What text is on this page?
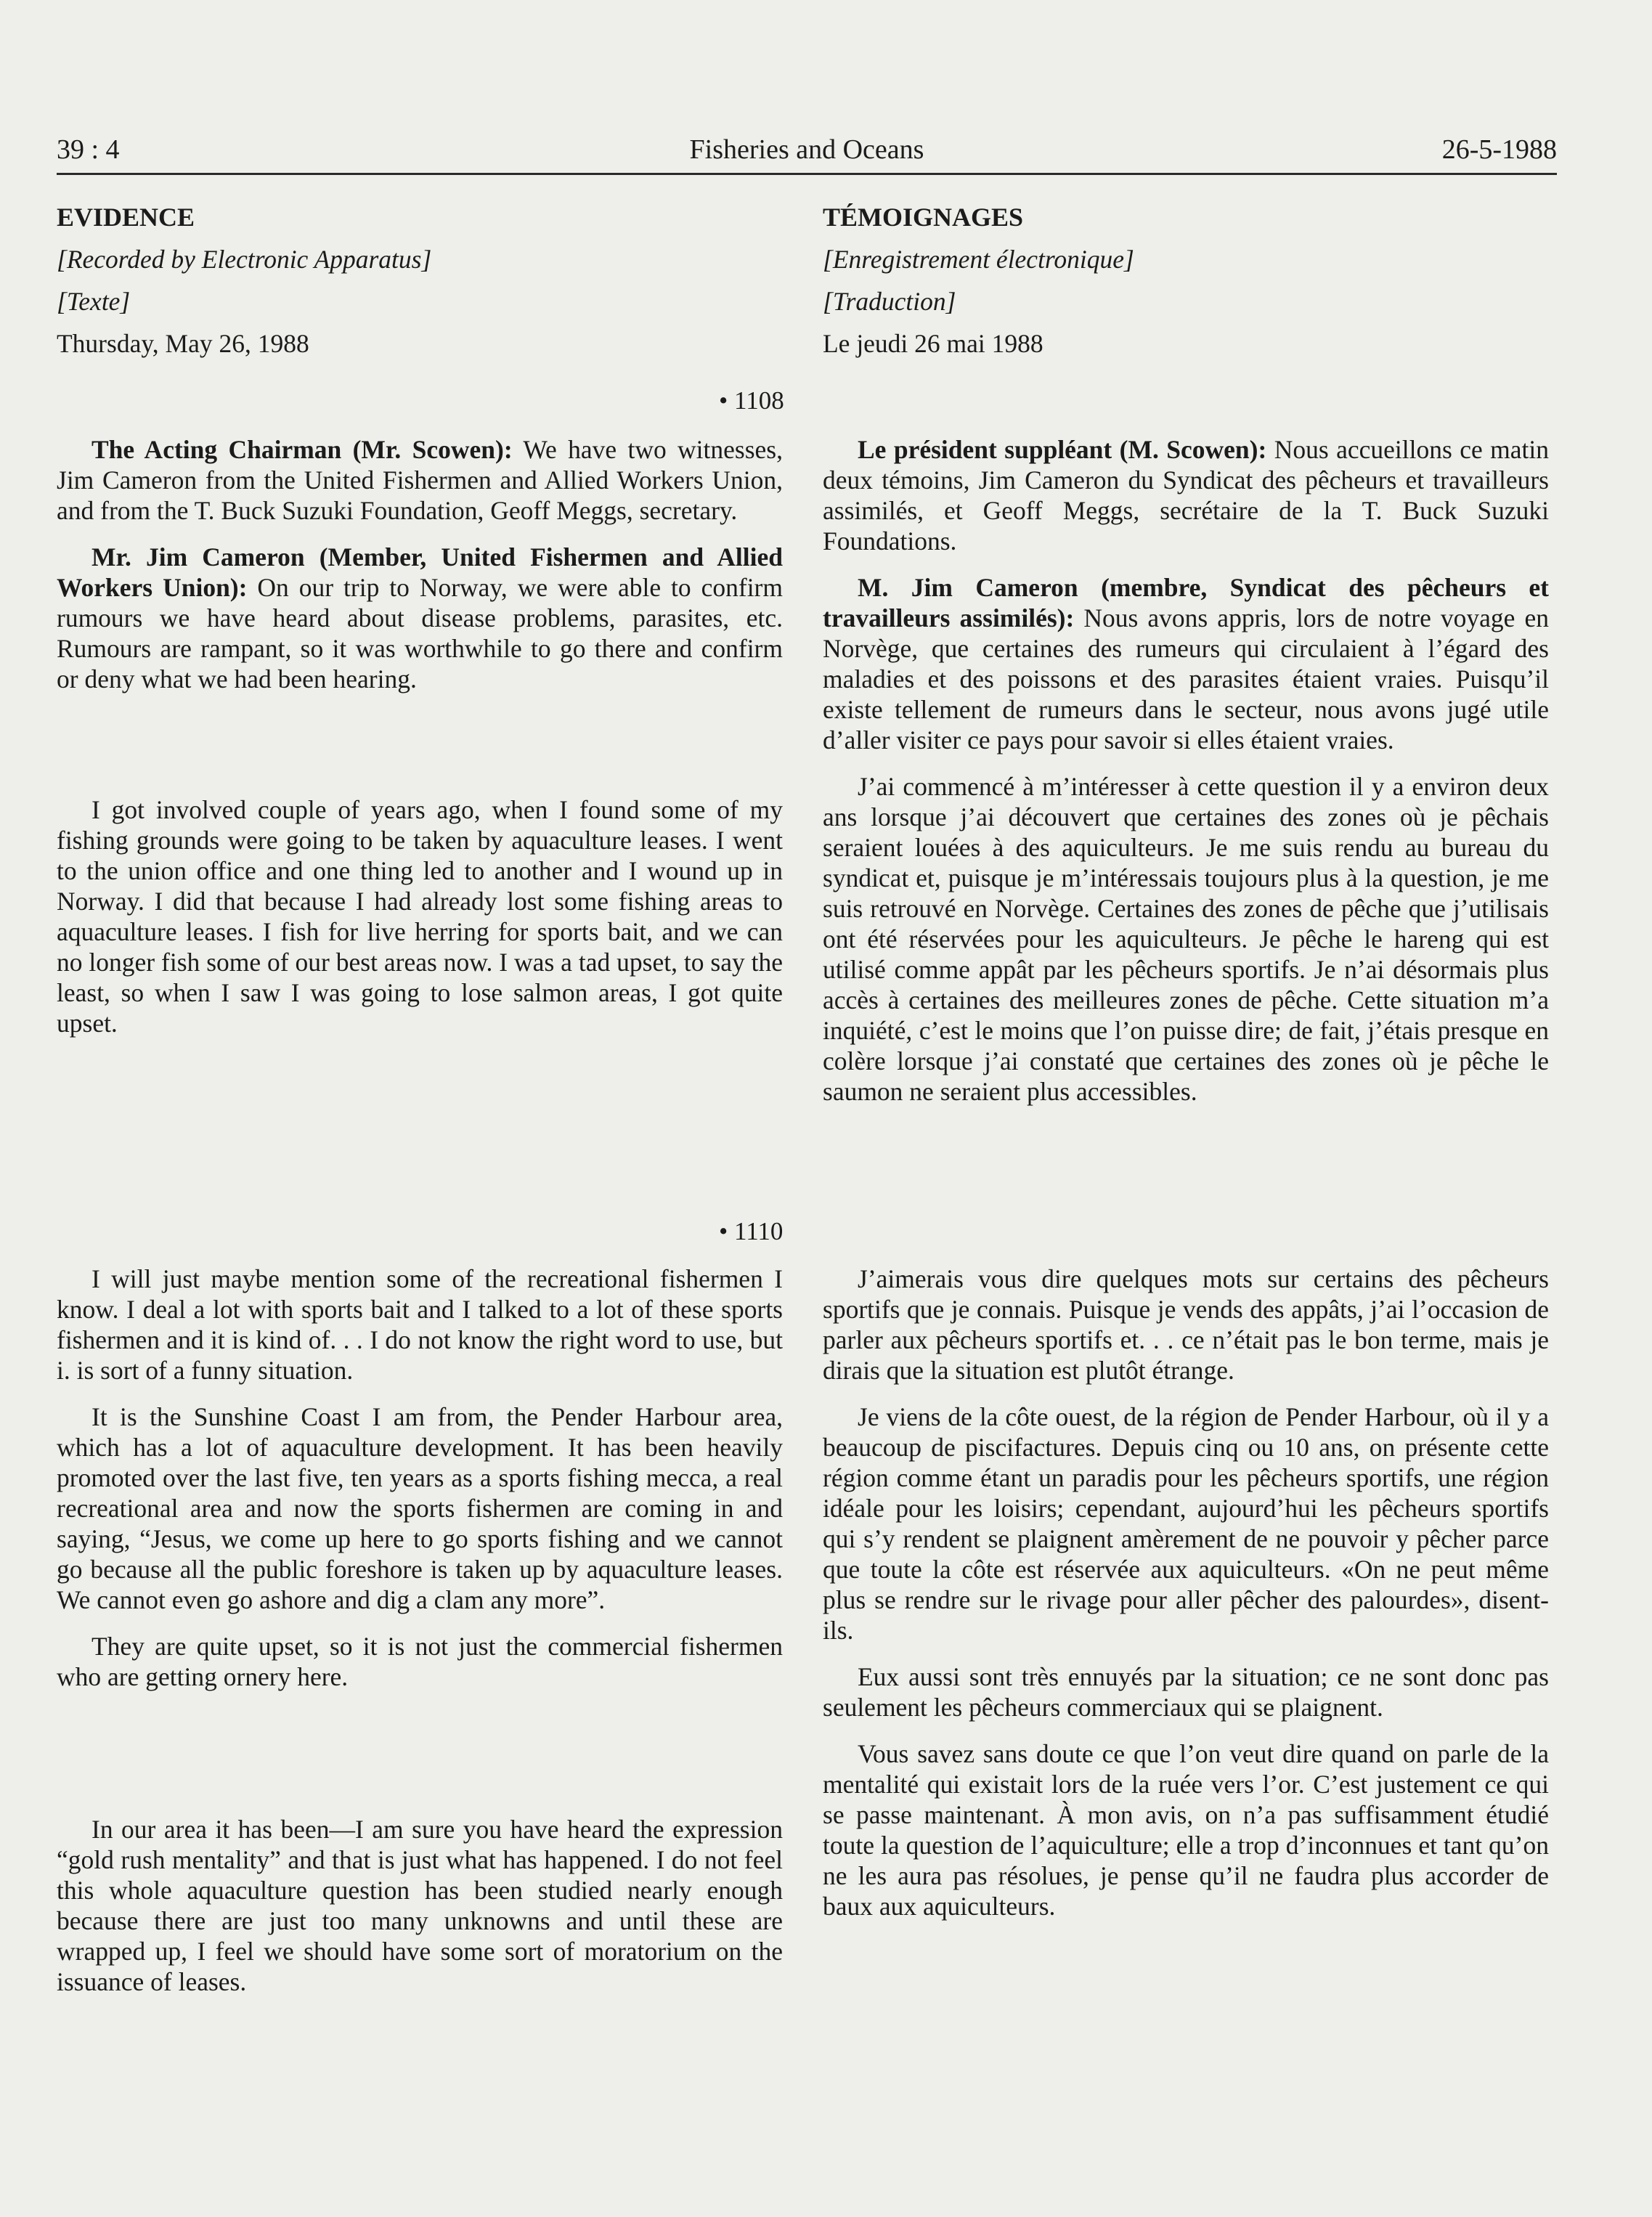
39 : 4	Fisheries and Oceans	26-5-1988

EVIDENCE

[Recorded by Electronic Apparatus]

[Texte]

Thursday, May 26, 1988

• 1108

The Acting Chairman (Mr. Scowen): We have two witnesses, Jim Cameron from the United Fishermen and Allied Workers Union, and from the T. Buck Suzuki Foundation, Geoff Meggs, secretary.

Mr. Jim Cameron (Member, United Fishermen and Allied Workers Union): On our trip to Norway, we were able to confirm rumours we have heard about disease problems, parasites, etc. Rumours are rampant, so it was worthwhile to go there and confirm or deny what we had been hearing.

I got involved couple of years ago, when I found some of my fishing grounds were going to be taken by aquaculture leases. I went to the union office and one thing led to another and I wound up in Norway. I did that because I had already lost some fishing areas to aquaculture leases. I fish for live herring for sports bait, and we can no longer fish some of our best areas now. I was a tad upset, to say the least, so when I saw I was going to lose salmon areas, I got quite upset.

• 1110

I will just maybe mention some of the recreational fishermen I know. I deal a lot with sports bait and I talked to a lot of these sports fishermen and it is kind of. . . I do not know the right word to use, but i. is sort of a funny situation.

It is the Sunshine Coast I am from, the Pender Harbour area, which has a lot of aquaculture development. It has been heavily promoted over the last five, ten years as a sports fishing mecca, a real recreational area and now the sports fishermen are coming in and saying, “Jesus, we come up here to go sports fishing and we cannot go because all the public foreshore is taken up by aquaculture leases. We cannot even go ashore and dig a clam any more”.

They are quite upset, so it is not just the commercial fishermen who are getting ornery here.

In our area it has been—I am sure you have heard the expression “gold rush mentality” and that is just what has happened. I do not feel this whole aquaculture question has been studied nearly enough because there are just too many unknowns and until these are wrapped up, I feel we should have some sort of moratorium on the issuance of leases.

TÉMOIGNAGES

[Enregistrement électronique]

[Traduction]

Le jeudi 26 mai 1988

Le président suppléant (M. Scowen): Nous accueillons ce matin deux témoins, Jim Cameron du Syndicat des pêcheurs et travailleurs assimilés, et Geoff Meggs, secrétaire de la T. Buck Suzuki Foundations.

M. Jim Cameron (membre, Syndicat des pêcheurs et travailleurs assimilés): Nous avons appris, lors de notre voyage en Norvège, que certaines des rumeurs qui circulaient à l’égard des maladies et des poissons et des parasites étaient vraies. Puisqu’il existe tellement de rumeurs dans le secteur, nous avons jugé utile d’aller visiter ce pays pour savoir si elles étaient vraies.

J’ai commencé à m’intéresser à cette question il y a environ deux ans lorsque j’ai découvert que certaines des zones où je pêchais seraient louées à des aquiculteurs. Je me suis rendu au bureau du syndicat et, puisque je m’intéressais toujours plus à la question, je me suis retrouvé en Norvège. Certaines des zones de pêche que j’utilisais ont été réservées pour les aquiculteurs. Je pêche le hareng qui est utilisé comme appât par les pêcheurs sportifs. Je n’ai désormais plus accès à certaines des meilleures zones de pêche. Cette situation m’a inquiété, c’est le moins que l’on puisse dire; de fait, j’étais presque en colère lorsque j’ai constaté que certaines des zones où je pêche le saumon ne seraient plus accessibles.

J’aimerais vous dire quelques mots sur certains des pêcheurs sportifs que je connais. Puisque je vends des appâts, j’ai l’occasion de parler aux pêcheurs sportifs et. . . ce n’était pas le bon terme, mais je dirais que la situation est plutôt étrange.

Je viens de la côte ouest, de la région de Pender Harbour, où il y a beaucoup de piscifactures. Depuis cinq ou 10 ans, on présente cette région comme étant un paradis pour les pêcheurs sportifs, une région idéale pour les loisirs; cependant, aujourd’hui les pêcheurs sportifs qui s’y rendent se plaignent amèrement de ne pouvoir y pêcher parce que toute la côte est réservée aux aquiculteurs. «On ne peut même plus se rendre sur le rivage pour aller pêcher des palourdes», disent-ils.

Eux aussi sont très ennuyés par la situation; ce ne sont donc pas seulement les pêcheurs commerciaux qui se plaignent.

Vous savez sans doute ce que l’on veut dire quand on parle de la mentalité qui existait lors de la ruée vers l’or. C’est justement ce qui se passe maintenant. À mon avis, on n’a pas suffisamment étudié toute la question de l’aquiculture; elle a trop d’inconnues et tant qu’on ne les aura pas résolues, je pense qu’il ne faudra plus accorder de baux aux aquiculteurs.
